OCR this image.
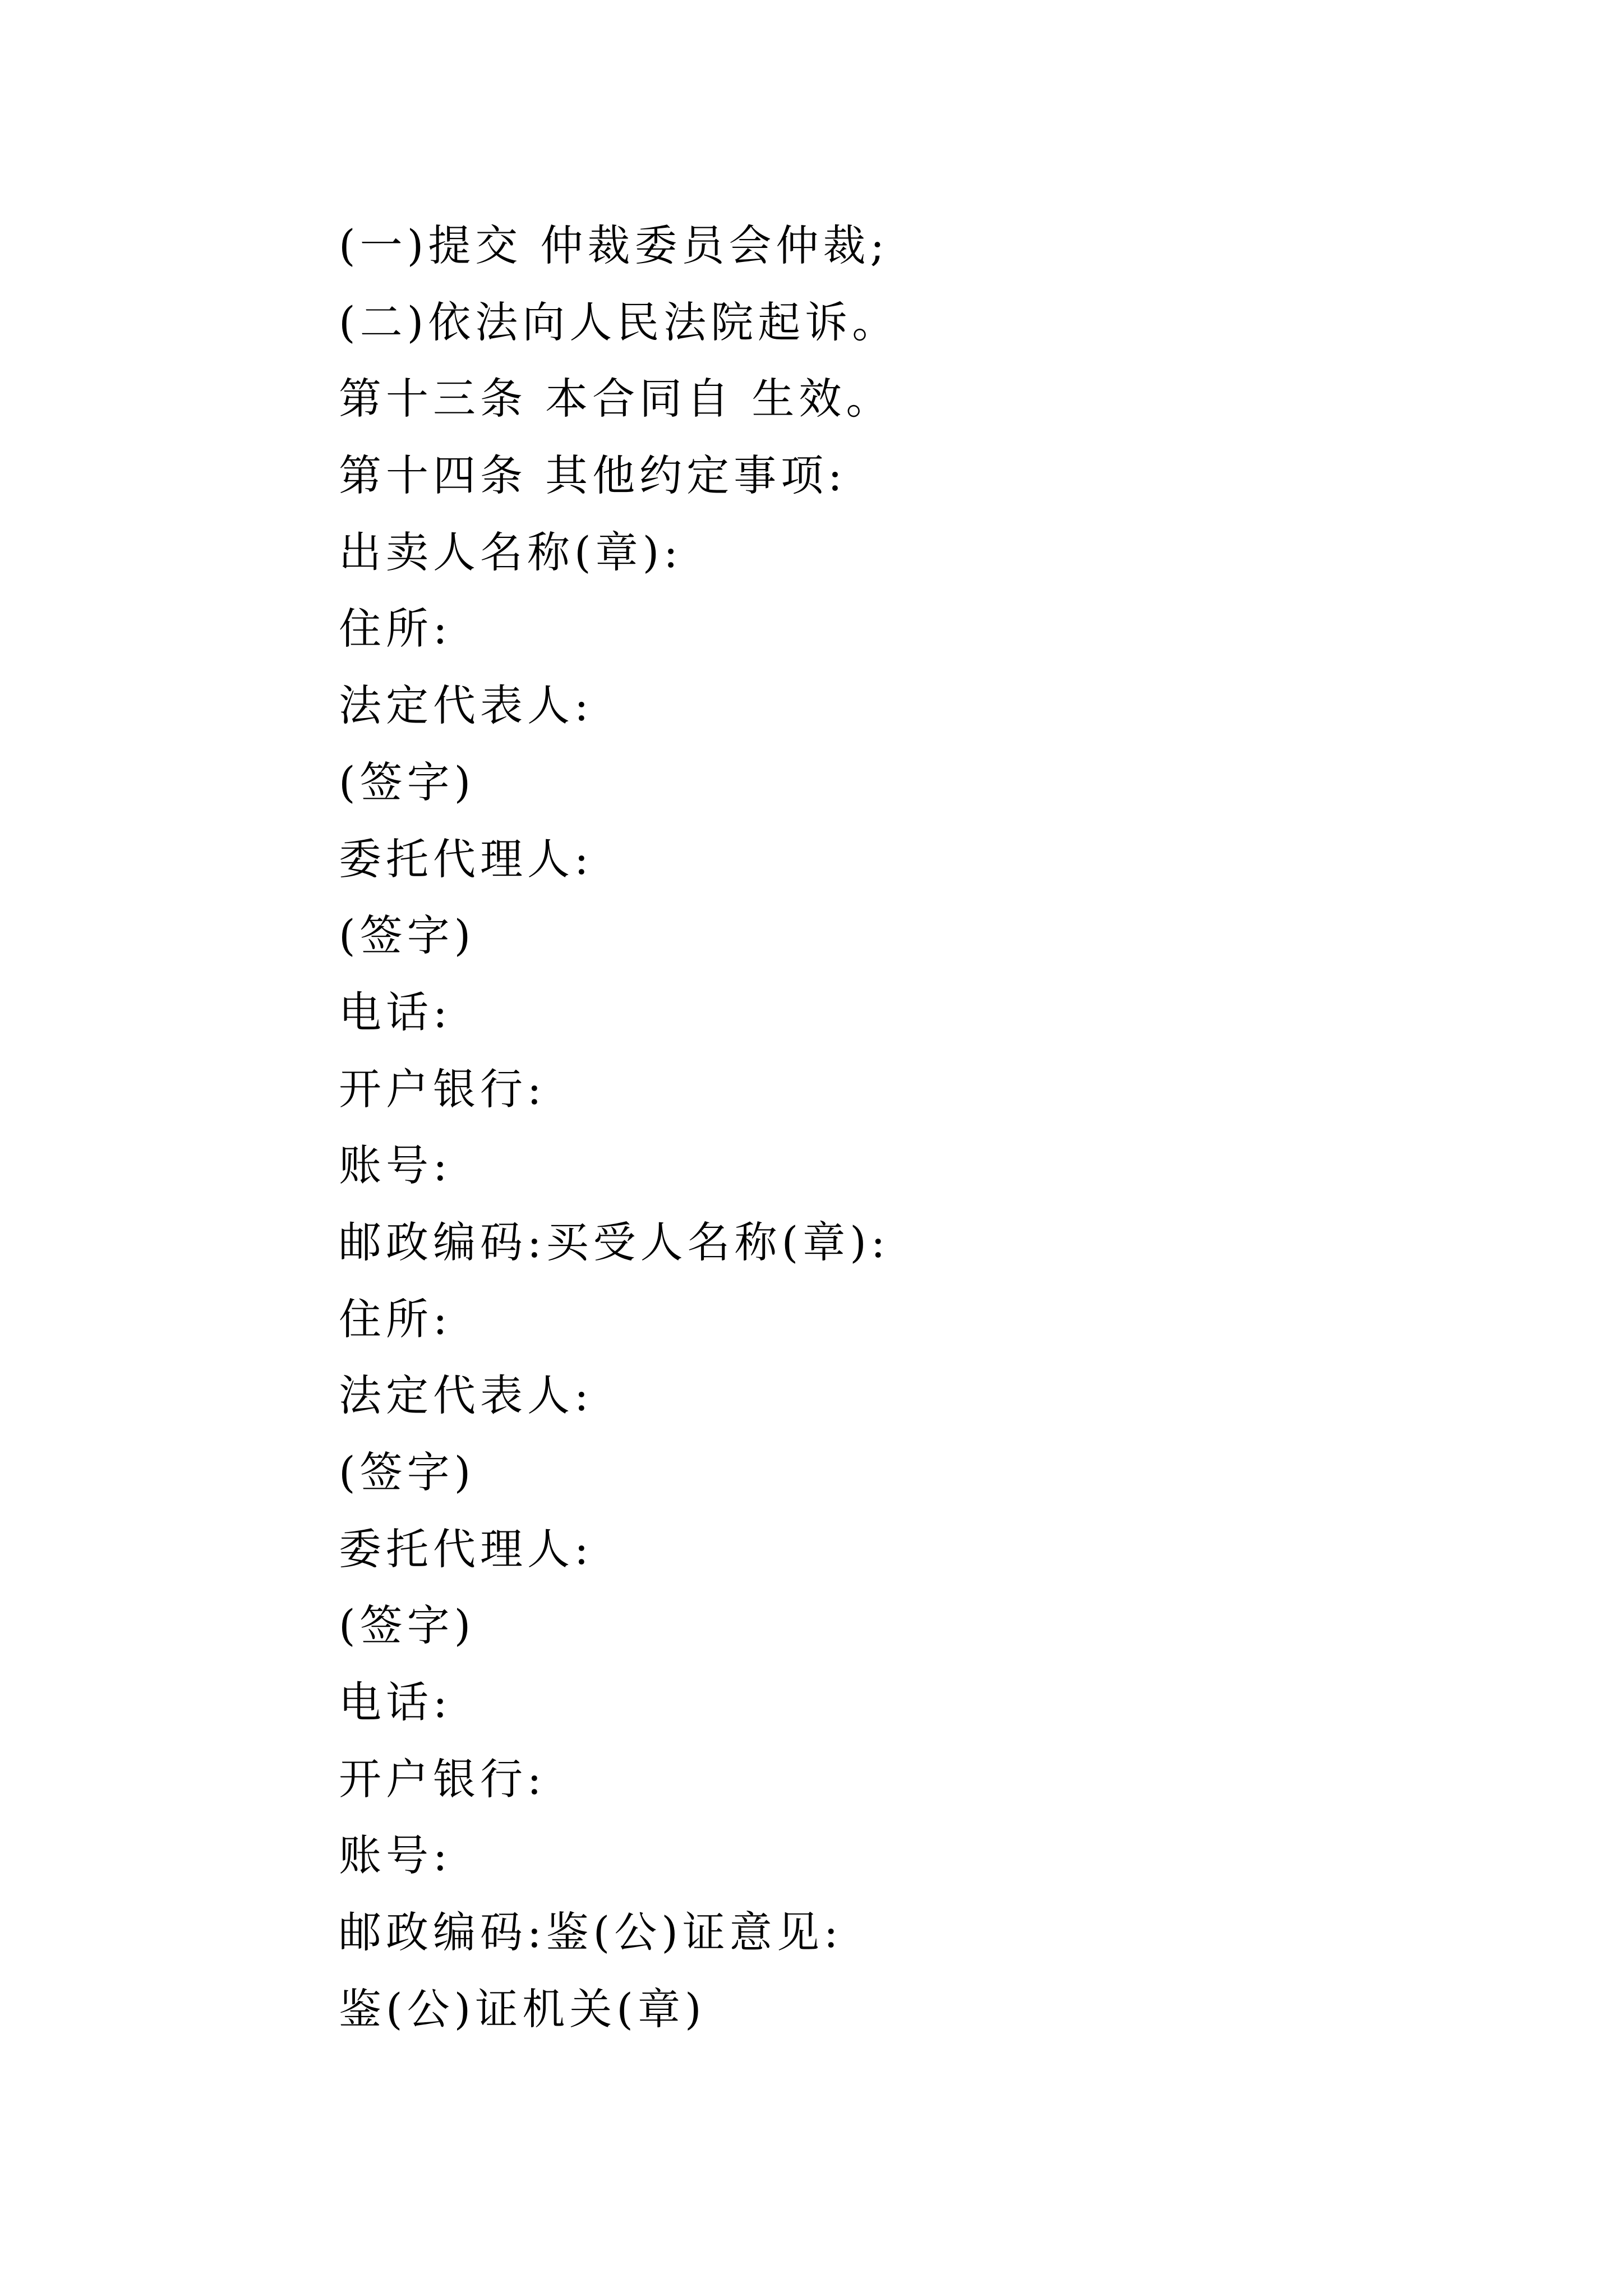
(一)提交 仲裁委员会仲裁;
(二)依法向人民法院起诉。
第十三条 本合同自 生效。
第十四条 其他约定事项:
出卖人名称(章):
住所:
法定代表人:
(签字)
委托代理人:
(签字)
电话:
开户银行:
账号:
邮政编码:买受人名称(章):
住所:
法定代表人:
(签字)
委托代理人:
(签字)
电话:
开户银行:
账号:
邮政编码:鉴(公)证意见:
鉴(公)证机关(章)
